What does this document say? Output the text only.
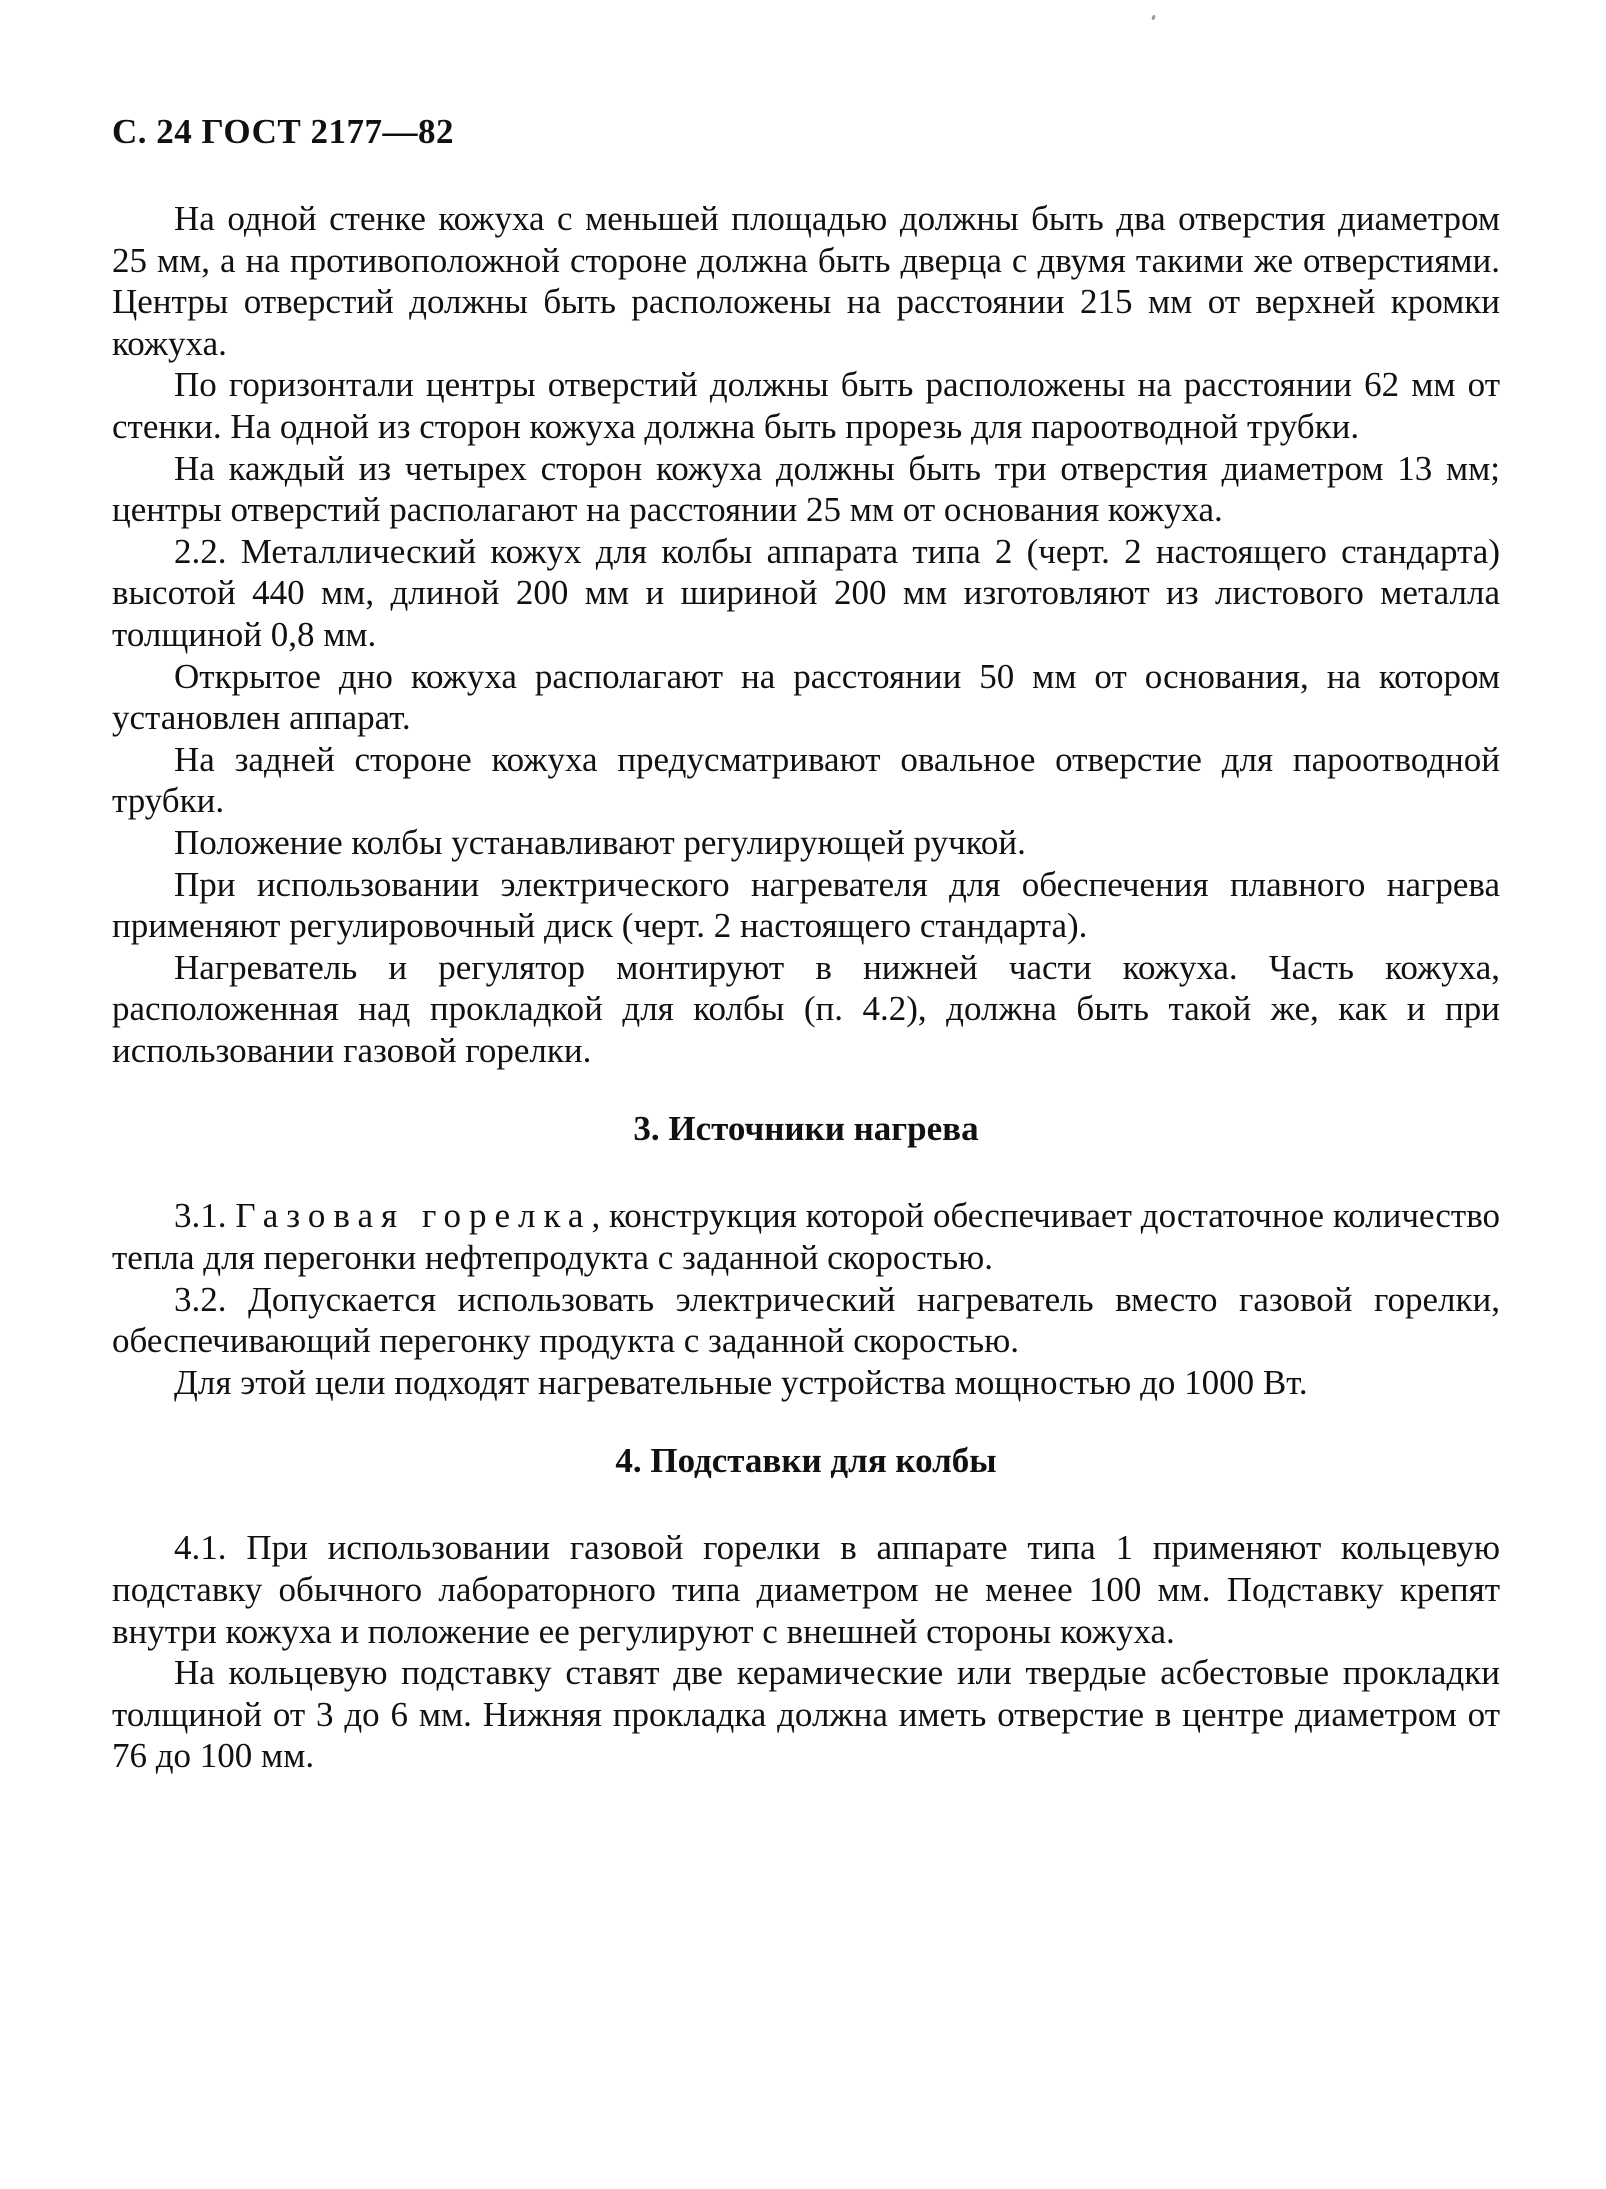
С. 24 ГОСТ 2177—82

На одной стенке кожуха с меньшей площадью должны быть два отверстия диаметром 25 мм, а на противоположной стороне должна быть дверца с двумя такими же отверстиями. Центры отверстий должны быть расположены на расстоянии 215 мм от верхней кромки кожуха.

По горизонтали центры отверстий должны быть расположены на расстоянии 62 мм от стенки. На одной из сторон кожуха должна быть прорезь для пароотводной трубки.

На каждый из четырех сторон кожуха должны быть три отверстия диаметром 13 мм; центры отверстий располагают на расстоянии 25 мм от основания кожуха.

2.2. Металлический кожух для колбы аппарата типа 2 (черт. 2 настоящего стандарта) высотой 440 мм, длиной 200 мм и шириной 200 мм изготовляют из листового металла толщиной 0,8 мм.

Открытое дно кожуха располагают на расстоянии 50 мм от основания, на котором установлен аппарат.

На задней стороне кожуха предусматривают овальное отверстие для пароотводной трубки.

Положение колбы устанавливают регулирующей ручкой.

При использовании электрического нагревателя для обеспечения плавного нагрева применяют регулировочный диск (черт. 2 настоящего стандарта).

Нагреватель и регулятор монтируют в нижней части кожуха. Часть кожуха, расположенная над прокладкой для колбы (п. 4.2), должна быть такой же, как и при использовании газовой горелки.

3. Источники нагрева

3.1. Газовая горелка, конструкция которой обеспечивает достаточное количество тепла для перегонки нефтепродукта с заданной скоростью.

3.2. Допускается использовать электрический нагреватель вместо газовой горелки, обеспечивающий перегонку продукта с заданной скоростью.

Для этой цели подходят нагревательные устройства мощностью до 1000 Вт.

4. Подставки для колбы

4.1. При использовании газовой горелки в аппарате типа 1 применяют кольцевую подставку обычного лабораторного типа диаметром не менее 100 мм. Подставку крепят внутри кожуха и положение ее регулируют с внешней стороны кожуха.

На кольцевую подставку ставят две керамические или твердые асбестовые прокладки толщиной от 3 до 6 мм. Нижняя прокладка должна иметь отверстие в центре диаметром от 76 до 100 мм.
